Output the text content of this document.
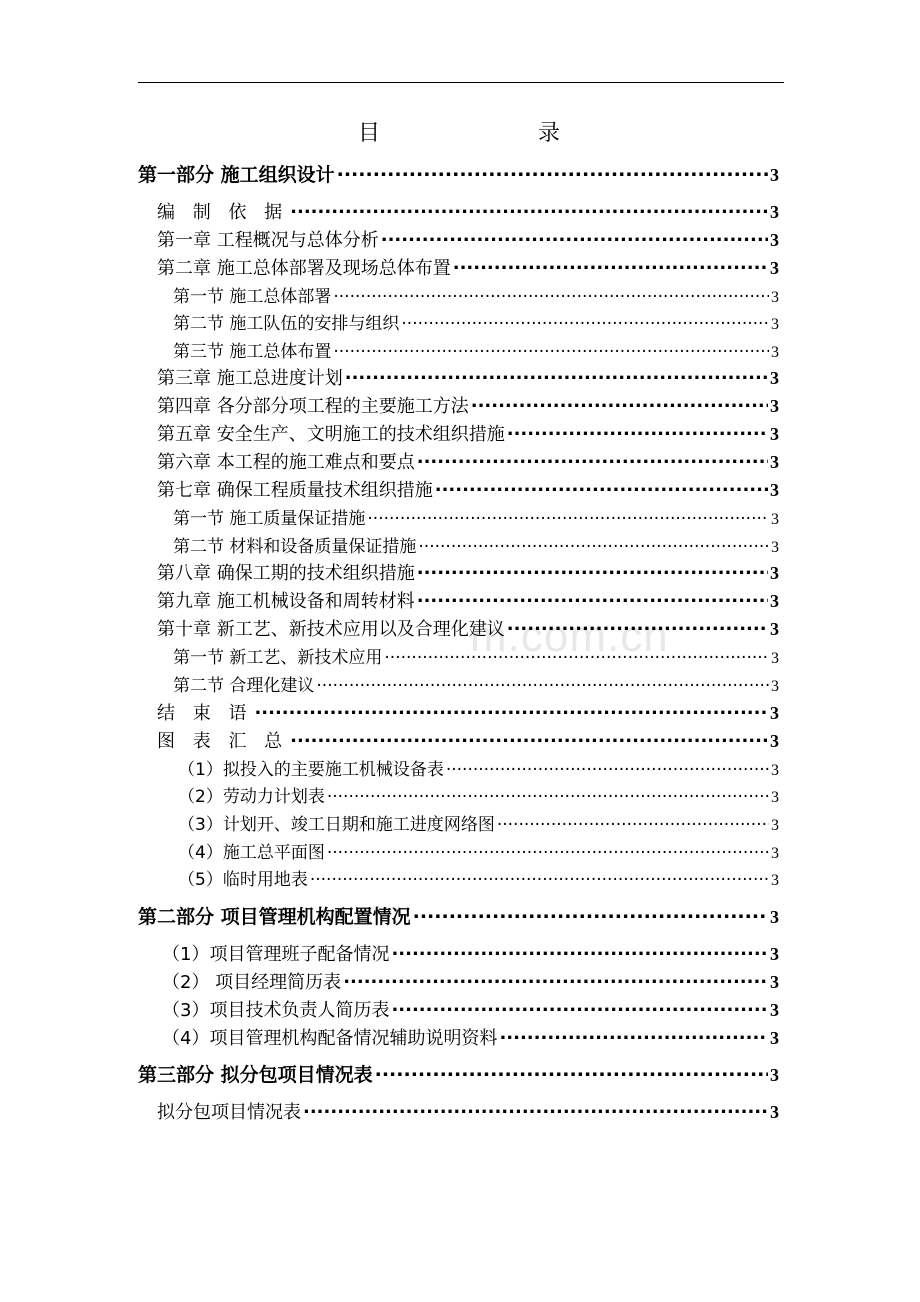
目    录
m.com.cn
第一部分 施工组织设计 .....	3
编 制 依 据 .....	3
第一章 工程概况与总体分析 .....	3
第二章 施工总体部署及现场总体布置 .....	3
第一节 施工总体部署 .....	3
第二节 施工队伍的安排与组织 .....	3
第三节 施工总体布置 .....	3
第三章 施工总进度计划 .....	3
第四章 各分部分项工程的主要施工方法 .....	3
第五章 安全生产、文明施工的技术组织措施 .....	3
第六章 本工程的施工难点和要点 .....	3
第七章 确保工程质量技术组织措施 .....	3
第一节 施工质量保证措施 .....	3
第二节 材料和设备质量保证措施 .....	3
第八章 确保工期的技术组织措施 .....	3
第九章 施工机械设备和周转材料 .....	3
第十章 新工艺、新技术应用以及合理化建议 .....	3
第一节 新工艺、新技术应用 .....	3
第二节 合理化建议 .....	3
结 束 语 .....	3
图 表 汇 总 .....	3
（1）拟投入的主要施工机械设备表 .....	3
（2）劳动力计划表 .....	3
（3）计划开、竣工日期和施工进度网络图 .....	3
（4）施工总平面图 .....	3
（5）临时用地表 .....	3
第二部分 项目管理机构配置情况 .....	3
（1）项目管理班子配备情况 .....	3
（2） 项目经理简历表 .....	3
（3）项目技术负责人简历表 .....	3
（4）项目管理机构配备情况辅助说明资料 .....	3
第三部分 拟分包项目情况表 .....	3
拟分包项目情况表 .....	3
